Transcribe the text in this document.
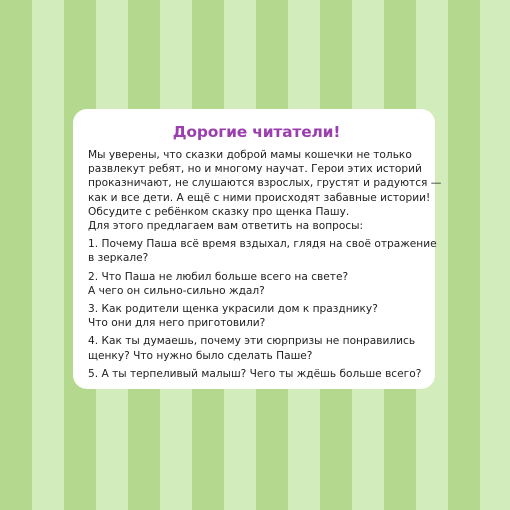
Дорогие читатели!

Мы уверены, что сказки доброй мамы кошечки не только

развлекут ребят, но и многому научат. Герои этих историй

проказничают, не слушаются взрослых, грустят и радуются —

как и все дети. А ещё с ними происходят забавные истории!

Обсудите с ребёнком сказку про щенка Пашу.

Для этого предлагаем вам ответить на вопросы:

1. Почему Паша всё время вздыхал, глядя на своё отражение

в зеркале?

2. Что Паша не любил больше всего на свете?

А чего он сильно-сильно ждал?

3. Как родители щенка украсили дом к празднику?

Что они для него приготовили?

4. Как ты думаешь, почему эти сюрпризы не понравились

щенку? Что нужно было сделать Паше?

5. А ты терпеливый малыш? Чего ты ждёшь больше всего?
